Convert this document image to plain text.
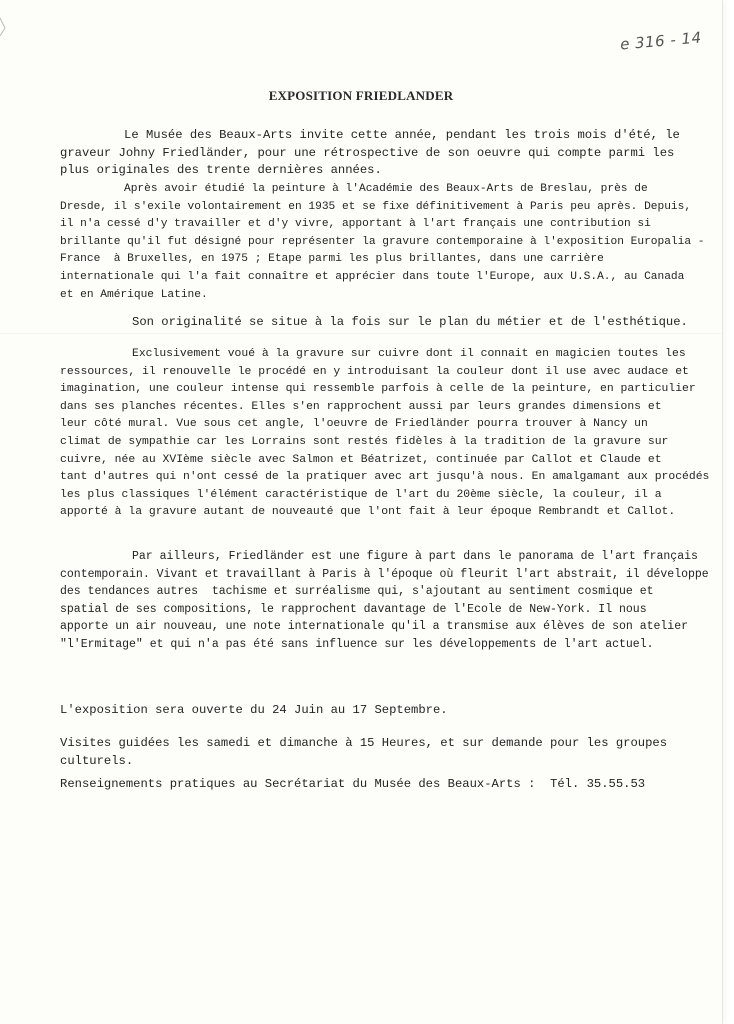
e 316 - 14
EXPOSITION FRIEDLANDER
Le Musée des Beaux-Arts invite cette année, pendant les trois mois d'été, le
graveur Johny Friedländer, pour une rétrospective de son oeuvre qui compte parmi les
plus originales des trente dernières années.
Après avoir étudié la peinture à l'Académie des Beaux-Arts de Breslau, près de
Dresde, il s'exile volontairement en 1935 et se fixe définitivement à Paris peu après. Depuis,
il n'a cessé d'y travailler et d'y vivre, apportant à l'art français une contribution si
brillante qu'il fut désigné pour représenter la gravure contemporaine à l'exposition Europalia -
France  à Bruxelles, en 1975 ; Etape parmi les plus brillantes, dans une carrière
internationale qui l'a fait connaître et apprécier dans toute l'Europe, aux U.S.A., au Canada
et en Amérique Latine.
Son originalité se situe à la fois sur le plan du métier et de l'esthétique.
Exclusivement voué à la gravure sur cuivre dont il connait en magicien toutes les
ressources, il renouvelle le procédé en y introduisant la couleur dont il use avec audace et
imagination, une couleur intense qui ressemble parfois à celle de la peinture, en particulier
dans ses planches récentes. Elles s'en rapprochent aussi par leurs grandes dimensions et
leur côté mural. Vue sous cet angle, l'oeuvre de Friedländer pourra trouver à Nancy un
climat de sympathie car les Lorrains sont restés fidèles à la tradition de la gravure sur
cuivre, née au XVIème siècle avec Salmon et Béatrizet, continuée par Callot et Claude et
tant d'autres qui n'ont cessé de la pratiquer avec art jusqu'à nous. En amalgamant aux procédés
les plus classiques l'élément caractéristique de l'art du 20ème siècle, la couleur, il a
apporté à la gravure autant de nouveauté que l'ont fait à leur époque Rembrandt et Callot.
Par ailleurs, Friedländer est une figure à part dans le panorama de l'art français
contemporain. Vivant et travaillant à Paris à l'époque où fleurit l'art abstrait, il développe
des tendances autres  tachisme et surréalisme qui, s'ajoutant au sentiment cosmique et
spatial de ses compositions, le rapprochent davantage de l'Ecole de New-York. Il nous
apporte un air nouveau, une note internationale qu'il a transmise aux élèves de son atelier
"l'Ermitage" et qui n'a pas été sans influence sur les développements de l'art actuel.
L'exposition sera ouverte du 24 Juin au 17 Septembre.
Visites guidées les samedi et dimanche à 15 Heures, et sur demande pour les groupes
culturels.
Renseignements pratiques au Secrétariat du Musée des Beaux-Arts :  Tél. 35.55.53
